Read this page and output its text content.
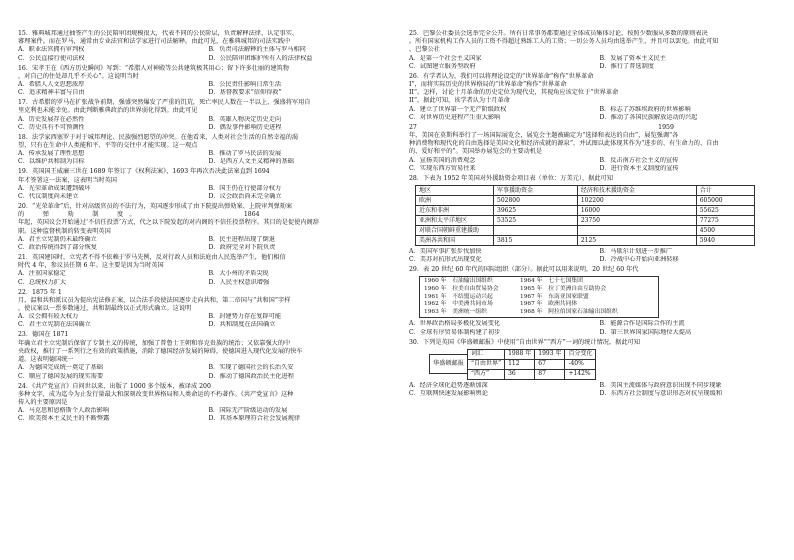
15．雅典城邦通过抽签产生的公民陪审团规模很大，代表不同的公民阶层，负责解释法律、认定事实、
審理案件。而在罗马，通常由专业法官和法学家进行司法解释。由此可见，在雅典城邦的司法实践中
A．职业法官拥有审判权	B．负责司法解释的主体与罗马相同
C．公民直接行使司法权	D．公民陪审团维护所有人的法律权益
16．宋孝王在《西方历史瞬间》写到：“希腊人对神殿等公共建筑极其用心；留下许多壮丽的建筑物
，对自己的住处却几乎不关心”。这说明当时
A．希腊人人文思想浓厚	B．公民责任影响日常生活
C．追求精神丰富与自由	D．基督教要求“信仰得救”
17．古希腊的罗马在扩张战争前期，强盛突然爆发了严重的饥荒，死亡率民人数在一半以上，强盛将军用自
里克利也未能幸免。由此判断雅典政治的世界弱化得到。由此可见
A．历史发展存在必然性	B．英雄人物决定历史走向
C．历史具有不可预测性	D．偶发事件影响历史进程
18．法学家西塞罗于对于城邦理论、民族强烈愿望的冲突。在他看来，人类对社会生活的自然幸福的渴
望，只有在生命中人类能和平、平等的交往中才能实现。这一观点
A．传承发展了理性思想	B．推动了罗马民法的发展
C．以维护共和制为目标	D．是西方人文主义精神的基础
19．英国国王威廉三世在 1689 年签订了《权利法案》，1693 年再次否决此法案直到 1694
年才签署这一法案，这表明当时英国
A．光荣革命成果遭到破坏	B．国王仍在行使部分权力
C．代议制度尚未建立	D．议会政治尚未完全确立
20．“光荣革命”后，针对高级官员的不法行为，英国逐步形成了由下院提出弹劾案、上院审判弹劾案
的　　　弹　　　劾　　　制　　　度　。　　　　　　　　　　　　　　　　　　1864
年起，英国议会开始通过‘不信任投票’方式，代之以下院发起的对内阁的不信任投票程序。其目的是促使内阁辞
职。这种监督机制的转变表明英国
A．君主立宪制仍未最终确立	B．民主进程出现了倒退
C．政治传统得到了部分恢复	D．政府完全对下院负责
21．英国建国时，立宪者不得不依赖于罗马先例，反对行政人员和法庭由人民选举产生，他们相信
时代 4 年，参议员任期 6 年。这主要是因为当时英国
A．注重国家稳定	B．大小州的矛盾尖锐
C．总统权力扩大	D．人民主权意识增强
22．1875 年 1
月，温和共和派议员为提出宪法修正案，以合法手段使法国逐步走向共和，第二帝国与“共和国”字样
，使议案以一票多数通过，共和制最终以正式形式确立。这说明
A．议会拥有较大权力	B．封建势力存在复辟可能
C．君主立宪制在法国确立	D．共和制度在法国确立
23．德国在 1871
年确立君主立宪制后保留了专制主义的传统，加强了普鲁士王朝和容克贵族的统治；又依靠强大的中
央政权，推行了一系列行之有效的政策措施，消除了德国经济发展的障碍，使德国进入现代化发展的快车
道。这表明德国统一
A．为德国完成统一奠定了基础	B．实现了德国社会的长治久安
C．顺应了德国发展的现实需要	D．推动了德国政治民主化进程
24．《共产党宣言》自问世以来，出版了 1000 多个版本，被译成 200
多种文字，成为迄今为止发行量最大和深刻改变世界格局和人类命运的不朽著作。《共产党宣言》这种
传入的主要原因是
A．马克思和恩格斯个人政治影响	B．国际无产阶级运动的发展
C．欧美资本主义民主的不断弊露	D．其基本原理符合社会发展规律
25．巴黎公社委员会选举完全公开。所有日常事务都要通过全体成员集体讨论，按照少数服从多数的原则表决
。所有国家机构工作人员的工资不得超过熟练工人的工资；一切公务人员均由选举产生，并且可以罢免。由此可知
，巴黎公社
A．是第一个社会主义国家	B．发展了资本主义民主
C．试图建立服务型政府	D．推行了普选制度
26．有学者认为，我们可以将理论设定的“世界革命”称作“世界革命
I”，而将实际历史的世界格局的“世界革命”称作“世界革命
II”。怎样，讨论十月革命的历史定位为现代史，其视角应该定位于“世界革命
II”。据此可知，该学者认为十月革命
A．建立了世界第一个无产阶级政权	B．标志了苏维埃政府的世界影响
C．对世界历史进程产生重大影响	D．推动了各国民族解放运动的兴起
27　　　　　　　　　　　　　　　　　　　　　　　　　　　　　　　　　　　　　　　1959
年，美国在莫斯科举行了一场国际展览会，展览会主题被确定为“选择和表达的自由”，展览强调“各
种消费物和现代化的自由选择是美国文化和经济成就的源泉”，并试图以此体现其作为“进步的、有生命力的、自由
的、爱好和平的”。美国举办展览会的主要动机是
A．宣扬美国的消费观念	B．反击南方社会主义的宣传
C．实现东西方贸易往来	D．进行资本主义制度的宣传
28．下表为 1952 年美国对外援助资金项目表（单位：万美元），据此可知
地区	军事援助资金	经济和技术援助资金	合计
欧洲	502800	102200	605000
近东和非洲	39625	16000	55625
亚洲和太平洋地区	53525	23750	77275
对联合国朝鲜重建援助			4500
美洲各共和国	3815	2125	5940
A．美国军事扩张步伐加快	B．马歇尔计划进一步推广
C．美苏对抗形式出现变化	D．冷战中心开始向亚洲转移
29．表 20 世纪 60 年代的国际组织（部分）。据此可以用来说明，20 世纪 60 年代
1960 年　石油输出国组织	1964 年　七十七国集团
1960 年　拉美自由贸易协会	1965 年　拉丁美洲自由互助协会
1961 年　不结盟运动兴起	1967 年　东南亚国家联盟
1962 年　中美洲共同市场	1967 年　欧洲共同体
1963 年　美洲统一组织	1968 年　阿拉伯国家石油输出国组织
A．世界政治格局多极化发展变化	B．能源合作是国际合作的主流
C．全球有序贸易体制构建了初步	D．第三世界国家国际地位大提高
30．下列是英国《华盛顿邮报》中使用“自由世界”“西方”一词的统计情况。据此可知
华盛顿邮报
词汇	1988 年	1993 年	百分变化
“自由世界”	112	67	-40%
“西方”	36	87	+142%
A．经济全球化趋势逐渐加深	B．美国主流媒体与政府意识出现不同步现象
C．互联网快速发展影响舆论	D．东西方社会制度与意识形态对抗呈现缓和
